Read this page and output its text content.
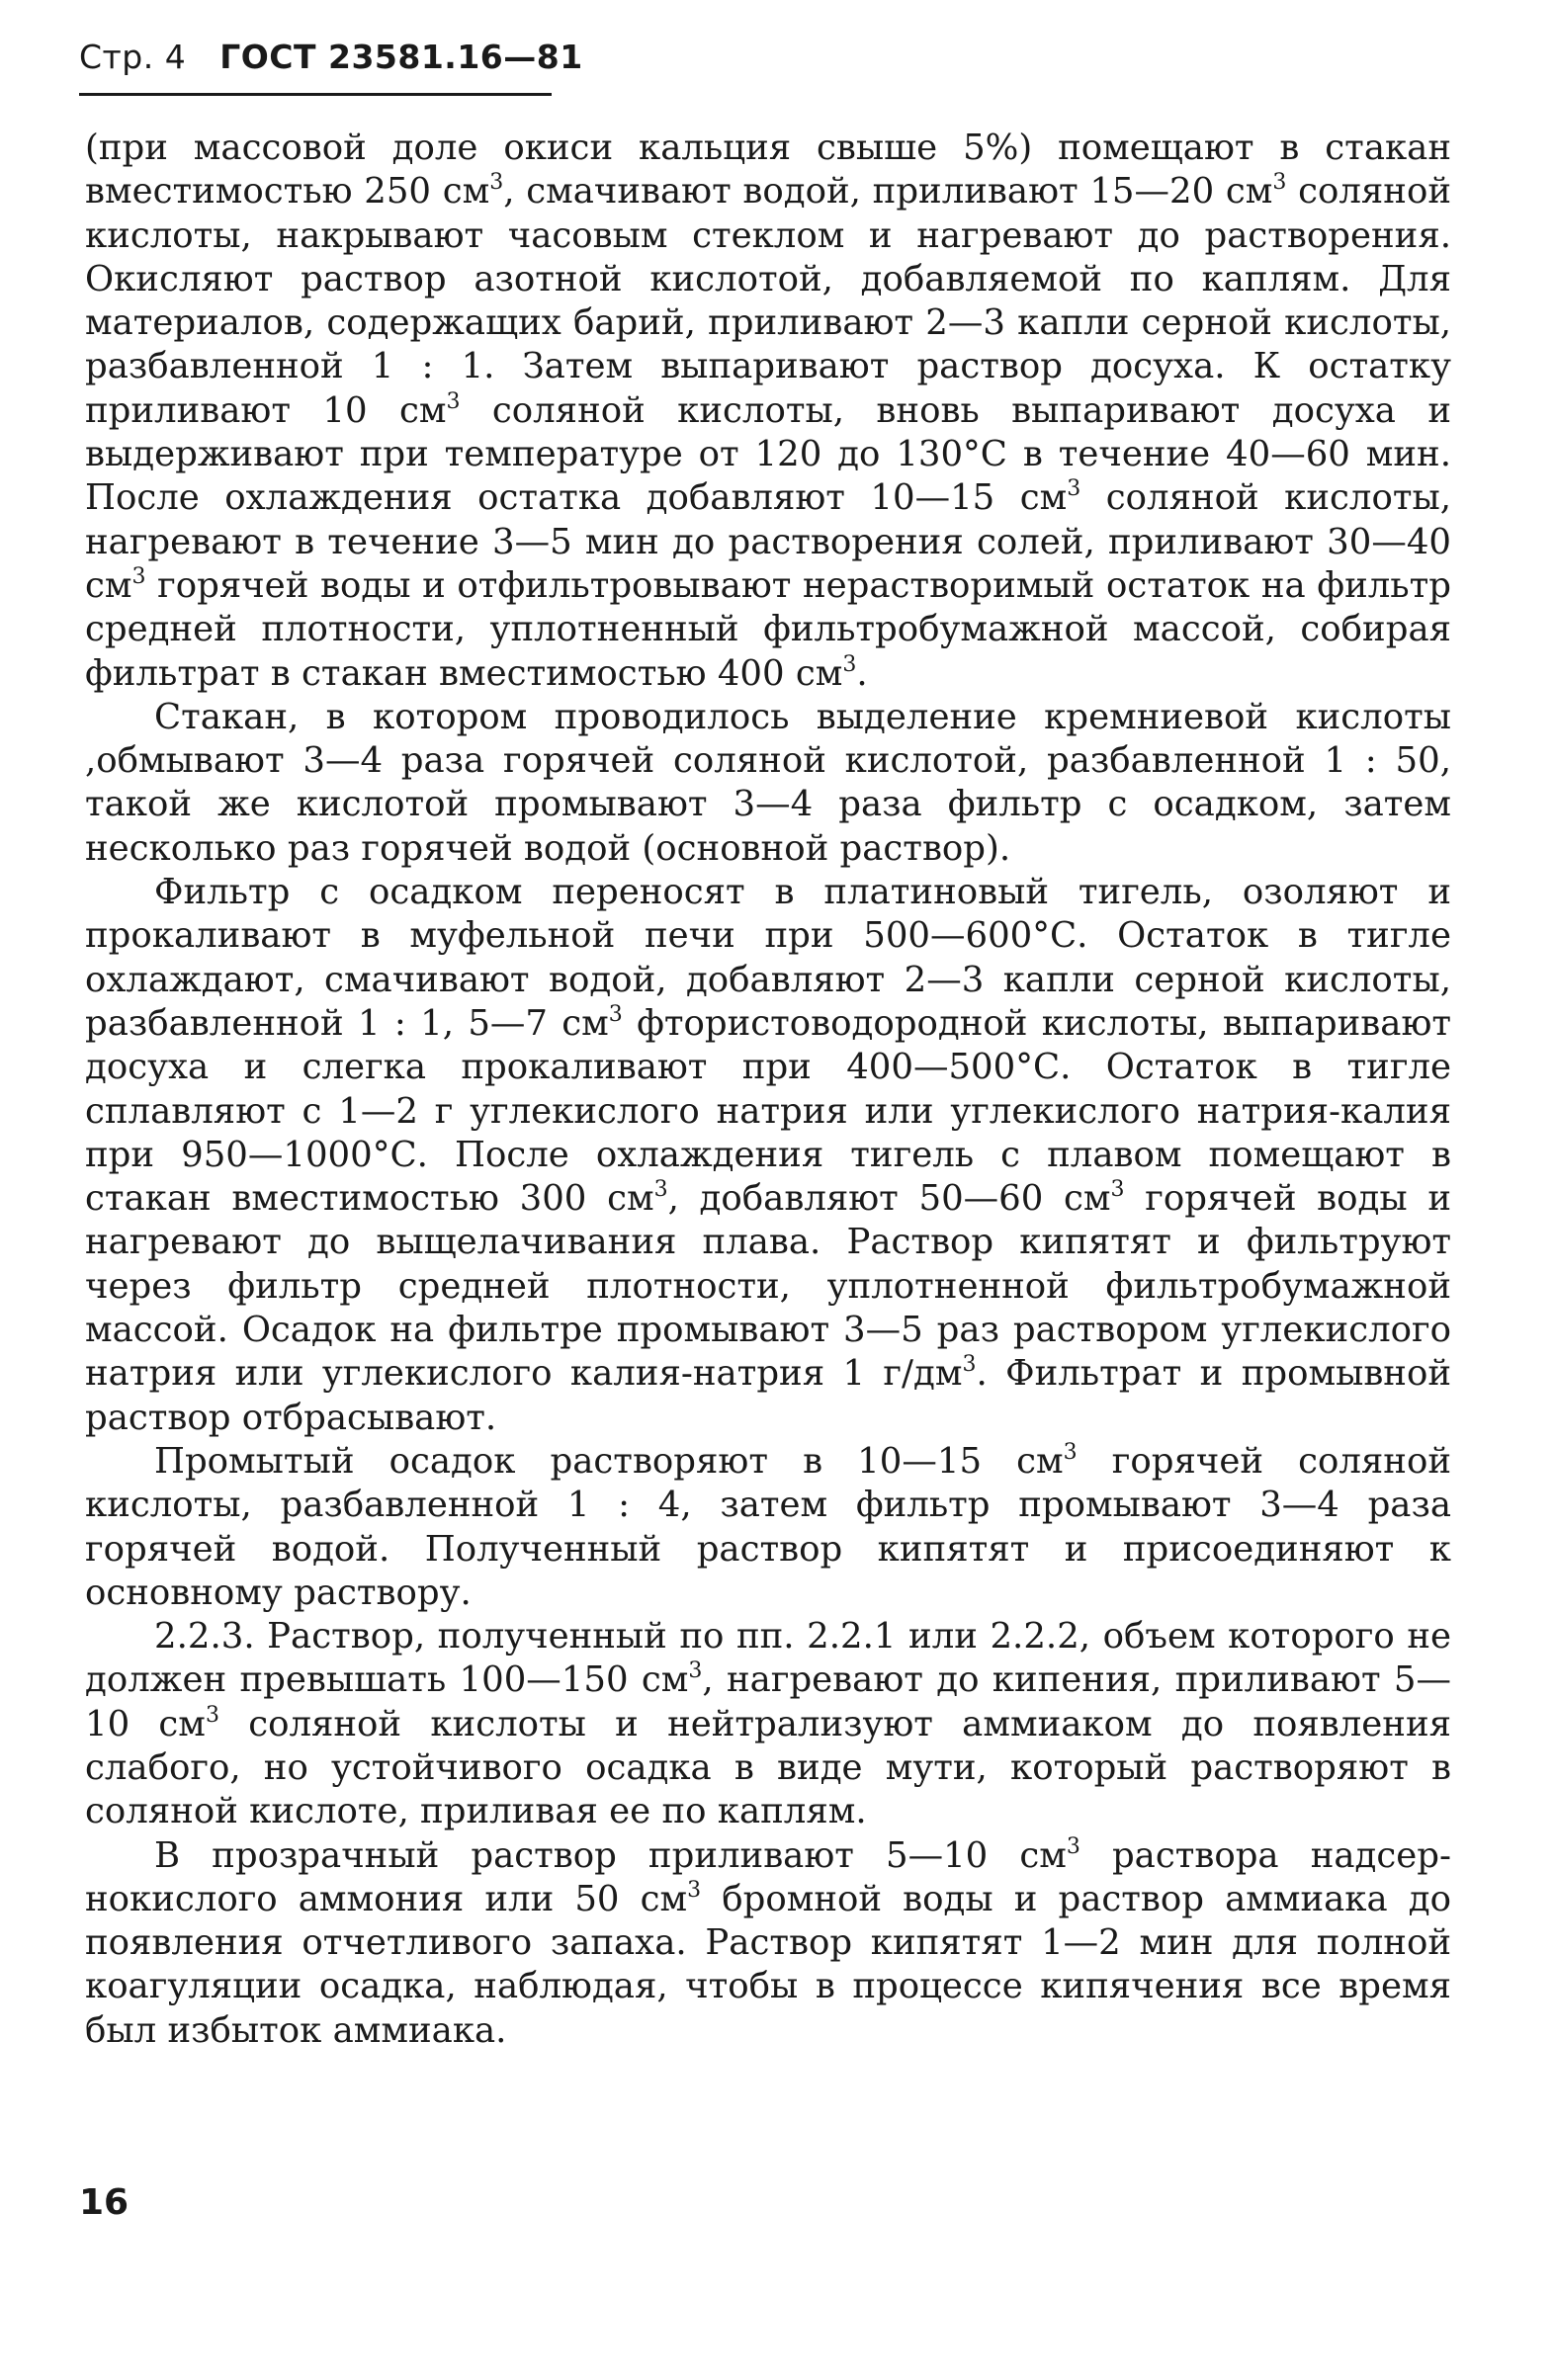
Стр. 4 ГОСТ 23581.16—81

(при массовой доле окиси кальция свыше 5%) помещают в стакан вместимостью 250 $см^3$, смачивают водой, приливают 15—20 $см^3$ соляной кислоты, накрывают часовым стеклом и нагревают до растворения. Окисляют раствор азотной кислотой, добавляемой по каплям. Для материалов, содержащих барий, приливают 2—3 капли серной кислоты, разбавленной 1 : 1. Затем выпаривают раствор досуха. К остатку приливают 10 $см^3$ соляной кислоты, вновь выпаривают досуха и выдерживают при температуре от 120 до 130°С в течение 40—60 мин. После охлаждения остатка добавляют 10—15 $см^3$ соляной кислоты, нагревают в течение 3—5 мин до растворения солей, приливают 30—40 $см^3$ горячей воды и отфильтровывают нерастворимый остаток на фильтр средней плотности, уплотненный фильтробумажной массой, собирая фильтрат в стакан вместимостью 400 $см^3$.

Стакан, в котором проводилось выделение кремниевой кислоты ,обмывают 3—4 раза горячей соляной кислотой, разбавленной 1 : 50, такой же кислотой промывают 3—4 раза фильтр с осадком, затем несколько раз горячей водой (основной раствор).

Фильтр с осадком переносят в платиновый тигель, озоляют и прокаливают в муфельной печи при 500—600°С. Остаток в тигле охлаждают, смачивают водой, добавляют 2—3 капли серной кислоты, разбавленной 1 : 1, 5—7 $см^3$ фтористоводородной кислоты, выпаривают досуха и слегка прокаливают при 400—500°С. Остаток в тигле сплавляют с 1—2 г углекислого натрия или углекислого натрия-калия при 950—1000°С. После охлаждения тигель с плавом помещают в стакан вместимостью 300 $см^3$, добавляют 50—60 $см^3$ горячей воды и нагревают до выщелачивания плава. Раствор кипятят и фильтруют через фильтр средней плотности, уплотненной фильтробумажной массой. Осадок на фильтре промывают 3—5 раз раствором углекислого натрия или углекислого калия-натрия 1 $г/дм^3$. Фильтрат и промывной раствор отбрасывают.

Промытый осадок растворяют в 10—15 $см^3$ горячей соляной кислоты, разбавленной 1 : 4, затем фильтр промывают 3—4 раза горячей водой. Полученный раствор кипятят и присоединяют к основному раствору.

2.2.3. Раствор, полученный по пп. 2.2.1 или 2.2.2, объем которого не должен превышать 100—150 $см^3$, нагревают до кипения, приливают 5—10 $см^3$ соляной кислоты и нейтрализуют аммиаком до появления слабого, но устойчивого осадка в виде мути, который растворяют в соляной кислоте, приливая ее по каплям.

В прозрачный раствор приливают 5—10 $см^3$ раствора надсернокислого аммония или 50 $см^3$ бромной воды и раствор аммиака до появления отчетливого запаха. Раствор кипятят 1—2 мин для полной коагуляции осадка, наблюдая, чтобы в процессе кипячения все время был избыток аммиака.

16
